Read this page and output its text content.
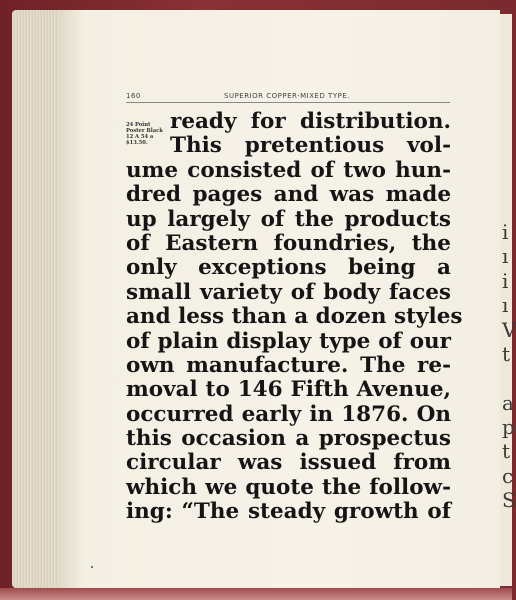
i
ı
i
ı
V
t
a
p
t
c
S
160	SUPERIOR COPPER-MIXED TYPE.
24 Point
Poster Black
12 A 54 a
$13.50.
ready for distribution.
This pretentious vol-
ume consisted of two hun-
dred pages and was made
up largely of the products
of Eastern foundries, the
only exceptions being a
small variety of body faces
and less than a dozen styles
of plain display type of our
own manufacture. The re-
moval to 146 Fifth Avenue,
occurred early in 1876. On
this occasion a prospectus
circular was issued from
which we quote the follow-
ing: “The steady growth of
